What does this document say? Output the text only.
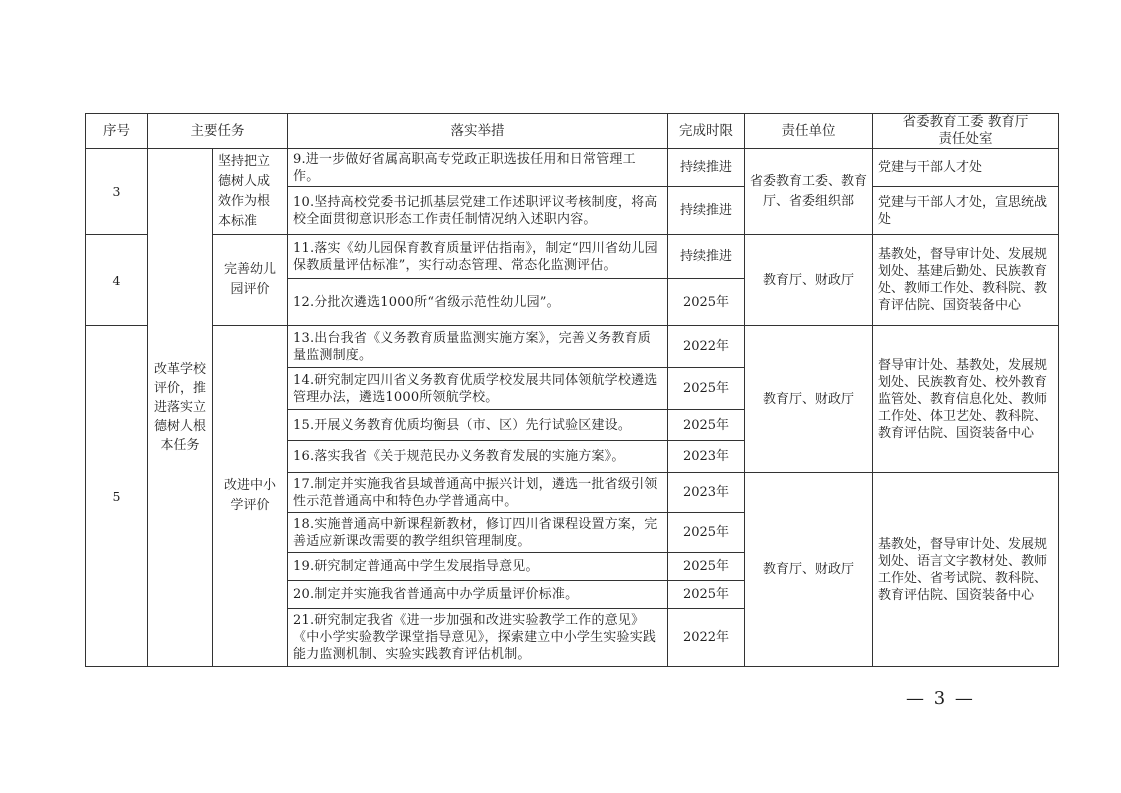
序号	主要任务		落实举措	完成时限	责任单位	省委教育工委 教育厅
责任处室
3	改革学校评价，推进落实立德树人根本任务	坚持把立德树人成效作为根本标准	9.进一步做好省属高职高专党政正职选拔任用和日常管理工作。	持续推进	省委教育工委、教育厅、省委组织部	党建与干部人才处
			10.坚持高校党委书记抓基层党建工作述职评议考核制度，将高校全面贯彻意识形态工作责任制情况纳入述职内容。	持续推进		党建与干部人才处，宣思统战处
4		完善幼儿园评价	11.落实《幼儿园保育教育质量评估指南》，制定“四川省幼儿园保教质量评估标准”，实行动态管理、常态化监测评估。	持续推进	教育厅、财政厅	基教处，督导审计处、发展规划处、基建后勤处、民族教育处、教师工作处、教科院、教育评估院、国资装备中心
			12.分批次遴选1000所“省级示范性幼儿园”。	2025年		
5		改进中小学评价	13.出台我省《义务教育质量监测实施方案》，完善义务教育质量监测制度。	2022年	教育厅、财政厅	督导审计处、基教处，发展规划处、民族教育处、校外教育监管处、教育信息化处、教师工作处、体卫艺处、教科院、教育评估院、国资装备中心
			14.研究制定四川省义务教育优质学校发展共同体领航学校遴选管理办法，遴选1000所领航学校。	2025年		
			15.开展义务教育优质均衡县（市、区）先行试验区建设。	2025年		
			16.落实我省《关于规范民办义务教育发展的实施方案》。	2023年		
			17.制定并实施我省县域普通高中振兴计划，遴选一批省级引领性示范普通高中和特色办学普通高中。	2023年	教育厅、财政厅	基教处，督导审计处、发展规划处、语言文字教材处、教师工作处、省考试院、教科院、教育评估院、国资装备中心
			18.实施普通高中新课程新教材，修订四川省课程设置方案，完善适应新课改需要的教学组织管理制度。	2025年		
			19.研究制定普通高中学生发展指导意见。	2025年		
			20.制定并实施我省普通高中办学质量评价标准。	2025年		
			21.研究制定我省《进一步加强和改进实验教学工作的意见》《中小学实验教学课堂指导意见》，探索建立中小学生实验实践能力监测机制、实验实践教育评估机制。	2022年		
— 3 —
